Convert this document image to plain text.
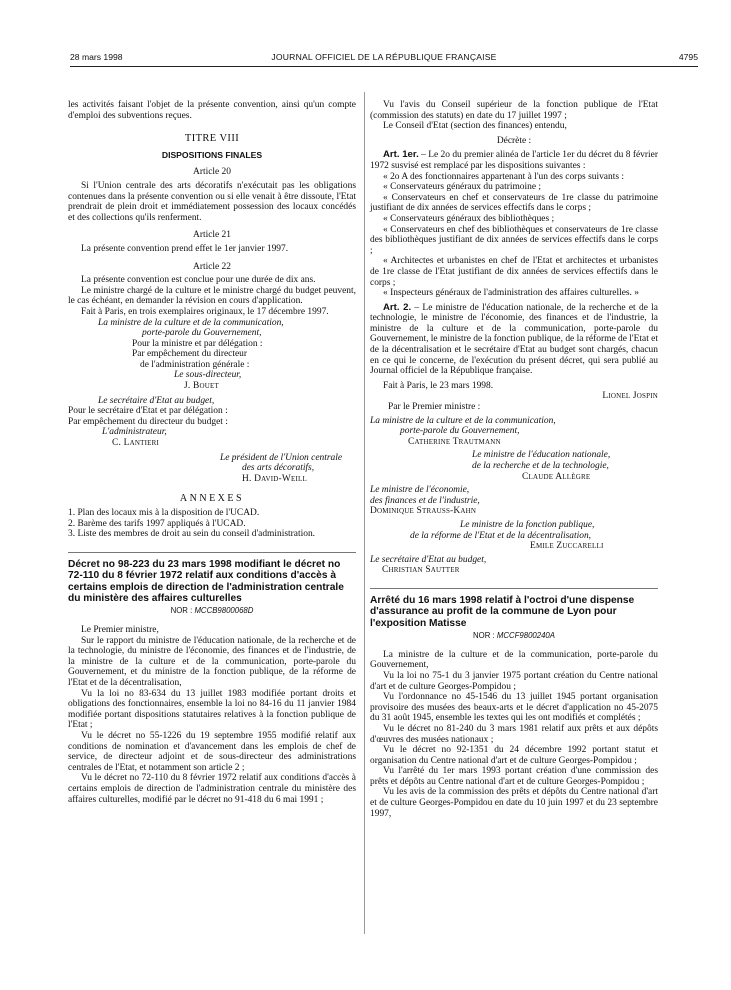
28 mars 1998	JOURNAL OFFICIEL DE LA RÉPUBLIQUE FRANÇAISE	4795

les activités faisant l'objet de la présente convention, ainsi qu'un compte d'emploi des subventions reçues.

TITRE VIII
DISPOSITIONS FINALES
Article 20

Si l'Union centrale des arts décoratifs n'exécutait pas les obligations contenues dans la présente convention ou si elle venait à être dissoute, l'Etat prendrait de plein droit et immédiatement possession des locaux concédés et des collections qu'ils renferment.

Article 21

La présente convention prend effet le 1er janvier 1997.

Article 22

La présente convention est conclue pour une durée de dix ans.

Le ministre chargé de la culture et le ministre chargé du budget peuvent, le cas échéant, en demander la révision en cours d'application.

Fait à Paris, en trois exemplaires originaux, le 17 décembre 1997.

La ministre de la culture et de la communication,

porte-parole du Gouvernement,

Pour la ministre et par délégation :

Par empêchement du directeur

de l'administration générale :

Le sous-directeur,

J. Bouet

Le secrétaire d'Etat au budget,

Pour le secrétaire d'Etat et par délégation :

Par empêchement du directeur du budget :

L'administrateur,

C. Lantieri

Le président de l'Union centrale

des arts décoratifs,

H. David-Weill

ANNEXES

1. Plan des locaux mis à la disposition de l'UCAD.

2. Barème des tarifs 1997 appliqués à l'UCAD.

3. Liste des membres de droit au sein du conseil d'administration.

Décret no 98-223 du 23 mars 1998 modifiant le décret no 72-110 du 8 février 1972 relatif aux conditions d'accès à certains emplois de direction de l'administration centrale du ministère des affaires culturelles

NOR : MCCB9800068D

Le Premier ministre,

Sur le rapport du ministre de l'éducation nationale, de la recherche et de la technologie, du ministre de l'économie, des finances et de l'industrie, de la ministre de la culture et de la communication, porte-parole du Gouvernement, et du ministre de la fonction publique, de la réforme de l'Etat et de la décentralisation,

Vu la loi no 83-634 du 13 juillet 1983 modifiée portant droits et obligations des fonctionnaires, ensemble la loi no 84-16 du 11 janvier 1984 modifiée portant dispositions statutaires relatives à la fonction publique de l'Etat ;

Vu le décret no 55-1226 du 19 septembre 1955 modifié relatif aux conditions de nomination et d'avancement dans les emplois de chef de service, de directeur adjoint et de sous-directeur des administrations centrales de l'Etat, et notamment son article 2 ;

Vu le décret no 72-110 du 8 février 1972 relatif aux conditions d'accès à certains emplois de direction de l'administration centrale du ministère des affaires culturelles, modifié par le décret no 91-418 du 6 mai 1991 ;

Vu l'avis du Conseil supérieur de la fonction publique de l'Etat (commission des statuts) en date du 17 juillet 1997 ;

Le Conseil d'Etat (section des finances) entendu,

Décrète :

Art. 1er. – Le 2o du premier alinéa de l'article 1er du décret du 8 février 1972 susvisé est remplacé par les dispositions suivantes :

« 2o A des fonctionnaires appartenant à l'un des corps suivants :

« Conservateurs généraux du patrimoine ;

« Conservateurs en chef et conservateurs de 1re classe du patrimoine justifiant de dix années de services effectifs dans le corps ;

« Conservateurs généraux des bibliothèques ;

« Conservateurs en chef des bibliothèques et conservateurs de 1re classe des bibliothèques justifiant de dix années de services effectifs dans le corps ;

« Architectes et urbanistes en chef de l'Etat et architectes et urbanistes de 1re classe de l'Etat justifiant de dix années de services effectifs dans le corps ;

« Inspecteurs généraux de l'administration des affaires culturelles. »

Art. 2. – Le ministre de l'éducation nationale, de la recherche et de la technologie, le ministre de l'économie, des finances et de l'industrie, la ministre de la culture et de la communication, porte-parole du Gouvernement, le ministre de la fonction publique, de la réforme de l'Etat et de la décentralisation et le secrétaire d'Etat au budget sont chargés, chacun en ce qui le concerne, de l'exécution du présent décret, qui sera publié au Journal officiel de la République française.

Fait à Paris, le 23 mars 1998.

Lionel Jospin

Par le Premier ministre :

La ministre de la culture et de la communication,

porte-parole du Gouvernement,

Catherine Trautmann

Le ministre de l'éducation nationale,

de la recherche et de la technologie,

Claude Allègre

Le ministre de l'économie,

des finances et de l'industrie,

Dominique Strauss-Kahn

Le ministre de la fonction publique,

de la réforme de l'Etat et de la décentralisation,

Emile Zuccarelli

Le secrétaire d'Etat au budget,

Christian Sautter

Arrêté du 16 mars 1998 relatif à l'octroi d'une dispense d'assurance au profit de la commune de Lyon pour l'exposition Matisse

NOR : MCCF9800240A

La ministre de la culture et de la communication, porte-parole du Gouvernement,

Vu la loi no 75-1 du 3 janvier 1975 portant création du Centre national d'art et de culture Georges-Pompidou ;

Vu l'ordonnance no 45-1546 du 13 juillet 1945 portant organisation provisoire des musées des beaux-arts et le décret d'application no 45-2075 du 31 août 1945, ensemble les textes qui les ont modifiés et complétés ;

Vu le décret no 81-240 du 3 mars 1981 relatif aux prêts et aux dépôts d'œuvres des musées nationaux ;

Vu le décret no 92-1351 du 24 décembre 1992 portant statut et organisation du Centre national d'art et de culture Georges-Pompidou ;

Vu l'arrêté du 1er mars 1993 portant création d'une commission des prêts et dépôts au Centre national d'art et de culture Georges-Pompidou ;

Vu les avis de la commission des prêts et dépôts du Centre national d'art et de culture Georges-Pompidou en date du 10 juin 1997 et du 23 septembre 1997,
